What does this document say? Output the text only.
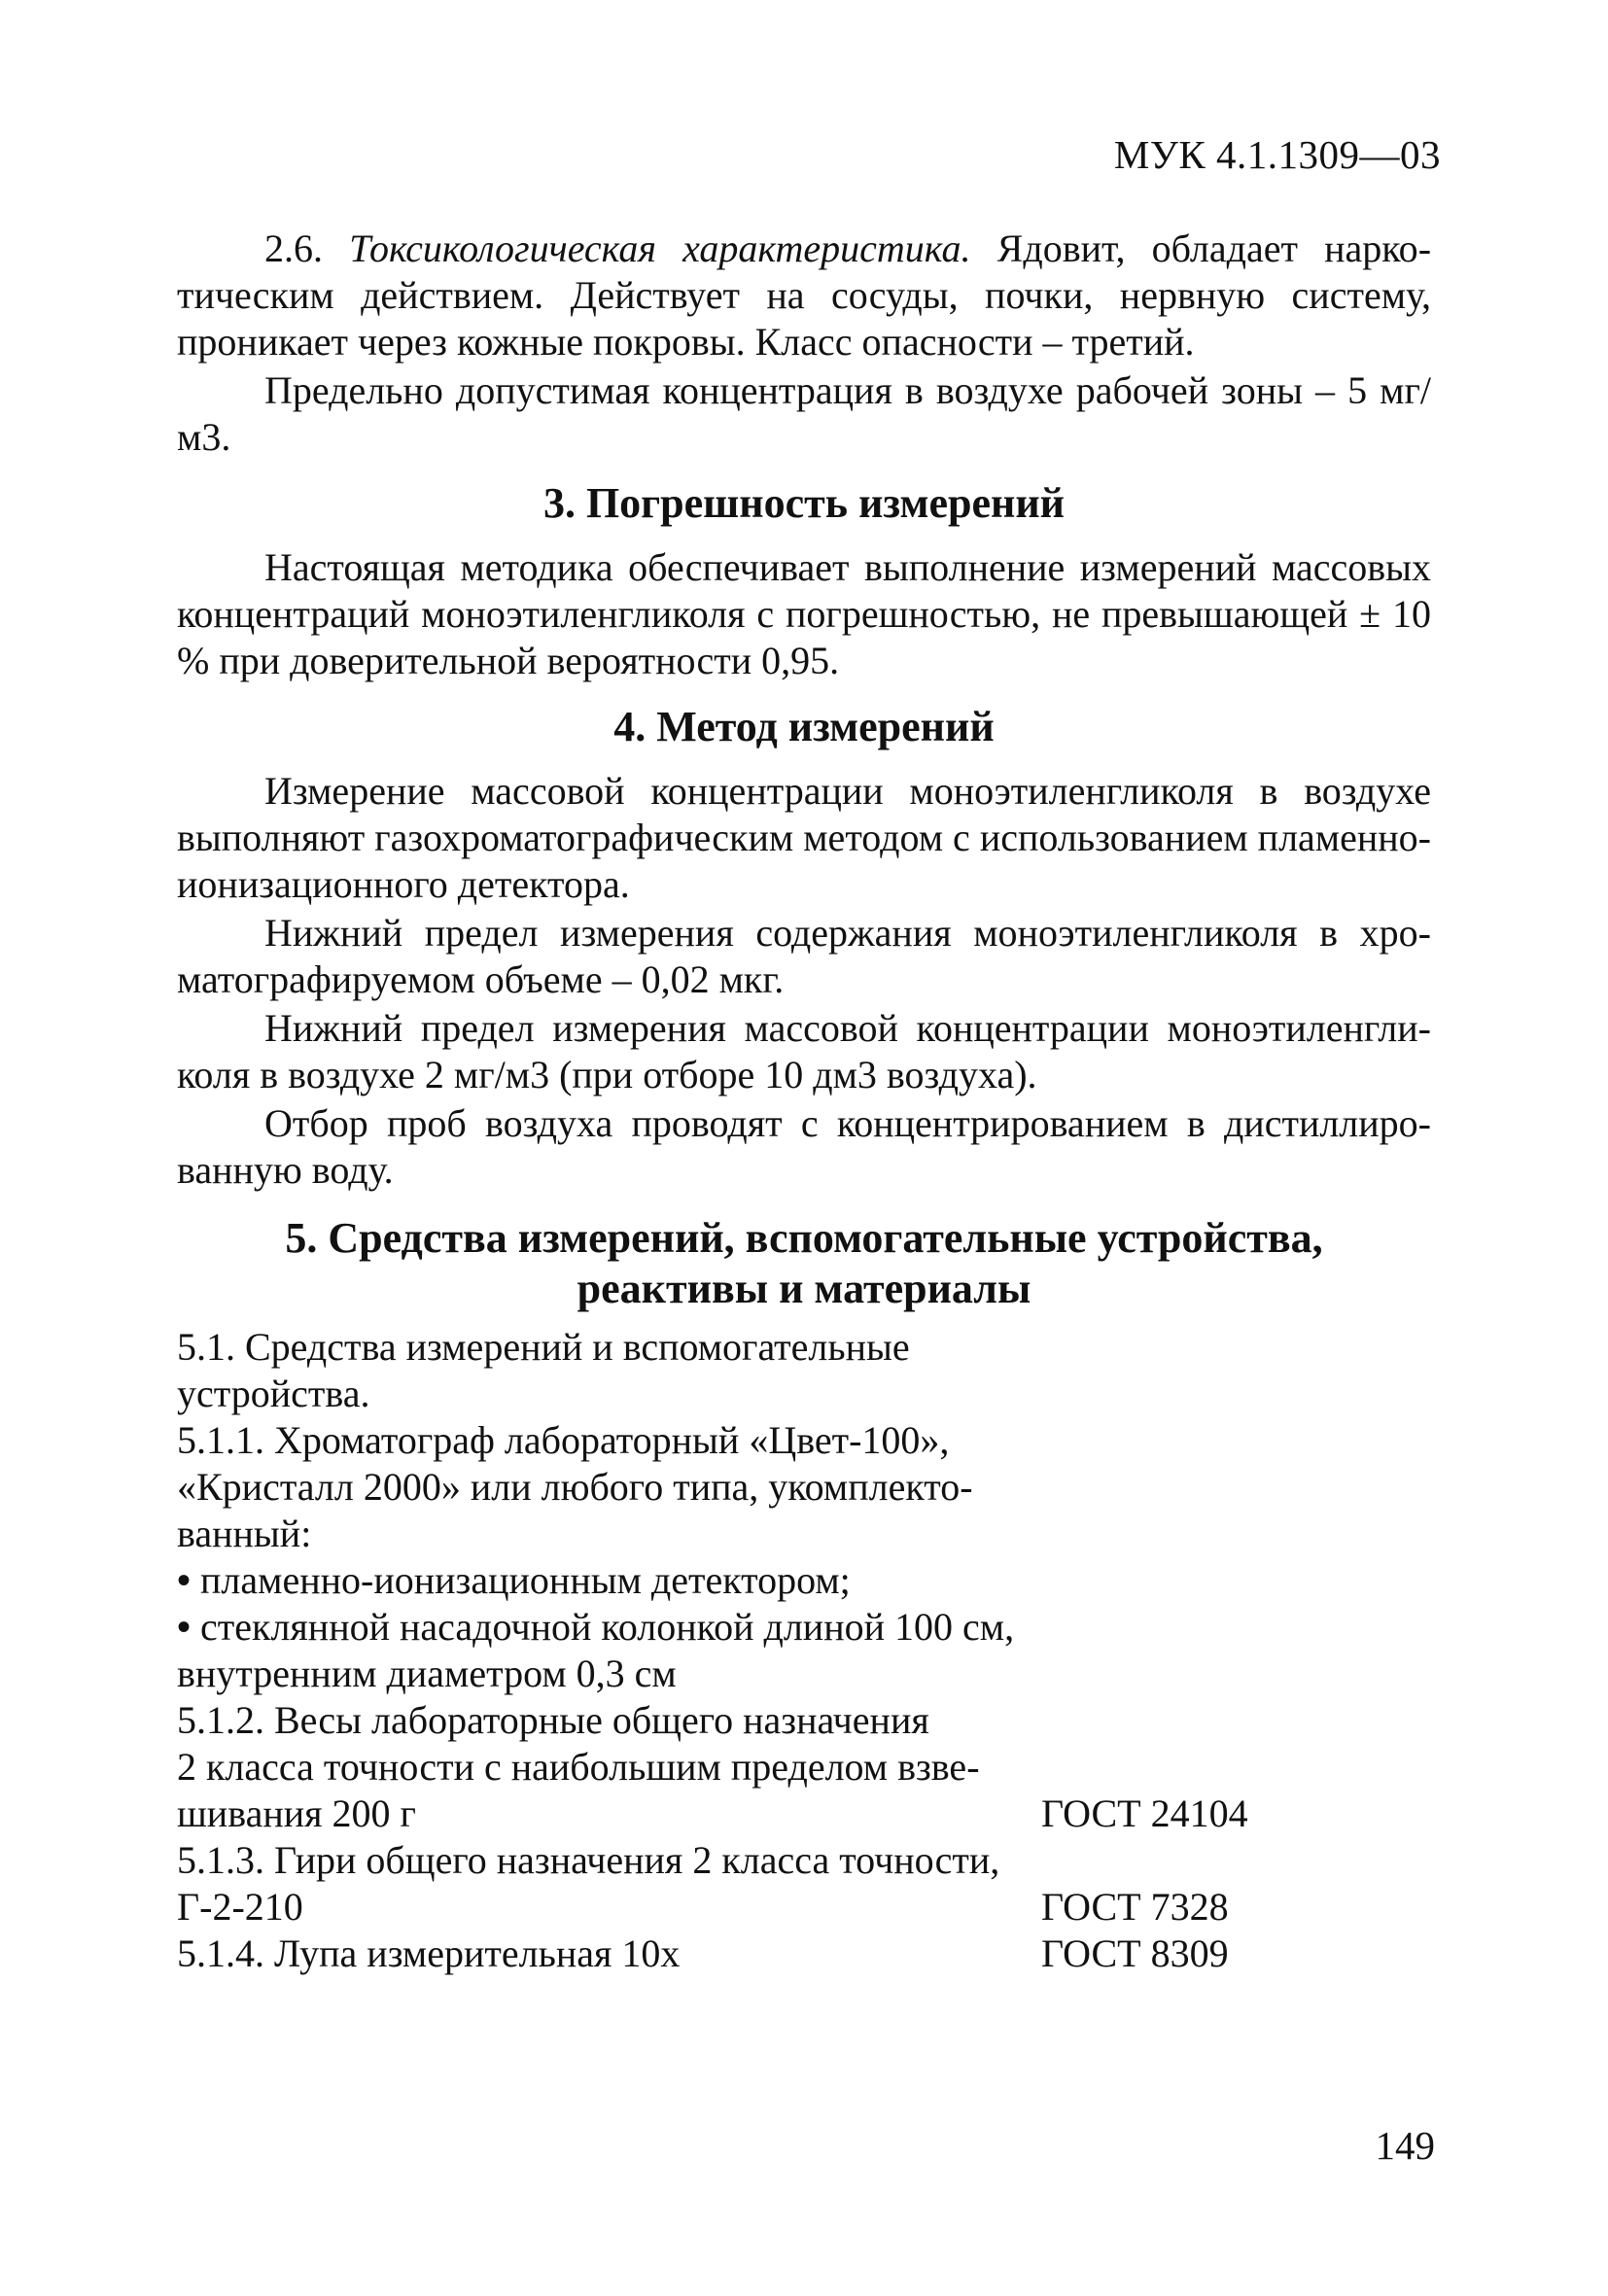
МУК 4.1.1309—03

2.6. Токсикологическая характеристика. Ядовит, обладает наркотическим действием. Действует на сосуды, почки, нервную систему, проникает через кожные покровы. Класс опасности – третий.

Предельно допустимая концентрация в воздухе рабочей зоны – 5 мг/м3.

3. Погрешность измерений

Настоящая методика обеспечивает выполнение измерений массовых концентраций моноэтиленгликоля с погрешностью, не превышающей ± 10 % при доверительной вероятности 0,95.

4. Метод измерений

Измерение массовой концентрации моноэтиленгликоля в воздухе выполняют газохроматографическим методом с использованием пламенно-ионизационного детектора.

Нижний предел измерения содержания моноэтиленгликоля в хроматографируемом объеме – 0,02 мкг.

Нижний предел измерения массовой концентрации моноэтиленгликоля в воздухе 2 мг/м3 (при отборе 10 дм3 воздуха).

Отбор проб воздуха проводят с концентрированием в дистиллированную воду.

5. Средства измерений, вспомогательные устройства,
реактивы и материалы
5.1. Средства измерений и вспомогательные
устройства.
5.1.1. Хроматограф лабораторный «Цвет-100»,
«Кристалл 2000» или любого типа, укомплекто-
ванный:
• пламенно-ионизационным детектором;
• стеклянной насадочной колонкой длиной 100 см,
внутренним диаметром 0,3 см
5.1.2. Весы лабораторные общего назначения
2 класса точности с наибольшим пределом взве-
шивания 200 г	ГОСТ 24104
5.1.3. Гири общего назначения 2 класса точности,
Г-2-210	ГОСТ 7328
5.1.4. Лупа измерительная 10x	ГОСТ 8309
149
